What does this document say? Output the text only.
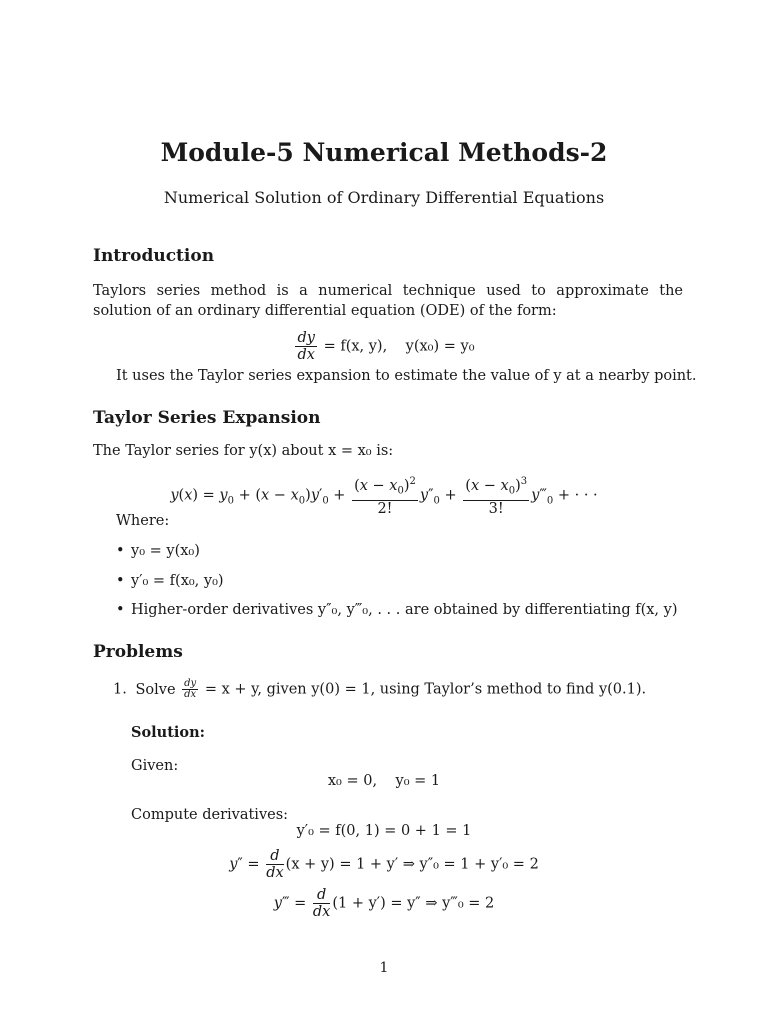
Module-5 Numerical Methods-2
Numerical Solution of Ordinary Differential Equations
Introduction
Taylors series method is a numerical technique used to approximate the solution of an ordinary differential equation (ODE) of the form:
$\frac{dy}{dx} = f(x$, y),    y(x₀) = y₀
It uses the Taylor series expansion to estimate the value of y at a nearby point.
Taylor Series Expansion
The Taylor series for y(x) about x = x₀ is:
$y(x) = y_0 + (x - x_0)y'_0 + \frac{(x - x_0)^2}{2!} y''_0 + \frac{(x - x_0)^3}{3!}$ $y‴_0$ + · · ·
Where:
• y₀ = y(x₀)
• y′₀ = f(x₀, y₀)
• Higher-order derivatives y″₀, y‴₀, . . . are obtained by differentiating f(x, y)
Problems
1. Solve $\frac{dy}{dx} = x + y$, given y(0) = 1, using Taylor’s method to find y(0.1).
Solution:
Given:
x₀ = 0,    y₀ = 1
Compute derivatives:
y′₀ = f(0, 1) = 0 + 1 = 1
$y'' = \frac{d}{dx} (x + y) = 1 + y'$ ⇒ y″₀ = 1 + y′₀ = 2
y‴ = $\frac{d}{dx} (1 + y') = y''$ ⇒ y‴₀ = 2
1
